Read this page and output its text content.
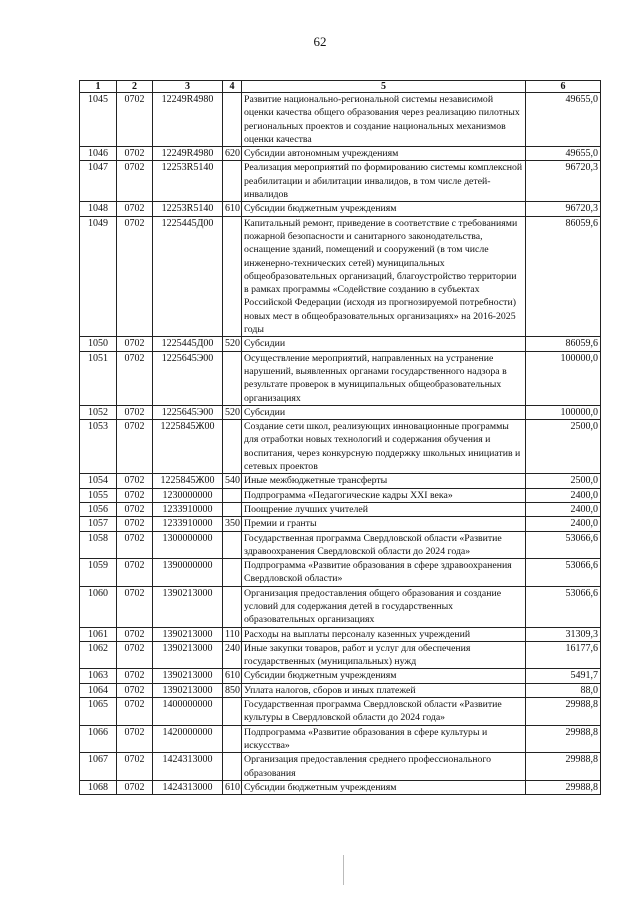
62
1	2	3	4	5	6
1045	0702	12249R4980		Развитие национально-региональной системы независимой оценки качества общего образования через реализацию пилотных региональных проектов и создание национальных механизмов оценки качества	49655,0
1046	0702	12249R4980	620	Субсидии автономным учреждениям	49655,0
1047	0702	12253R5140		Реализация мероприятий по формированию системы комплексной реабилитации и абилитации инвалидов, в том числе детей-инвалидов	96720,3
1048	0702	12253R5140	610	Субсидии бюджетным учреждениям	96720,3
1049	0702	1225445Д00		Капитальный ремонт, приведение в соответствие с требованиями пожарной безопасности и санитарного законодательства, оснащение зданий, помещений и сооружений (в том числе инженерно-технических сетей) муниципальных общеобразовательных организаций, благоустройство территории в рамках программы «Содействие созданию в субъектах Российской Федерации (исходя из прогнозируемой потребности) новых мест в общеобразовательных организациях» на 2016-2025 годы	86059,6
1050	0702	1225445Д00	520	Субсидии	86059,6
1051	0702	1225645Э00		Осуществление мероприятий, направленных на устранение нарушений, выявленных органами государственного надзора в результате проверок в муниципальных общеобразовательных организациях	100000,0
1052	0702	1225645Э00	520	Субсидии	100000,0
1053	0702	1225845Ж00		Создание сети школ, реализующих инновационные программы для отработки новых технологий и содержания обучения и воспитания, через конкурсную поддержку школьных инициатив и сетевых проектов	2500,0
1054	0702	1225845Ж00	540	Иные межбюджетные трансферты	2500,0
1055	0702	1230000000		Подпрограмма «Педагогические кадры XXI века»	2400,0
1056	0702	1233910000		Поощрение лучших учителей	2400,0
1057	0702	1233910000	350	Премии и гранты	2400,0
1058	0702	1300000000		Государственная программа Свердловской области «Развитие здравоохранения Свердловской области до 2024 года»	53066,6
1059	0702	1390000000		Подпрограмма «Развитие образования в сфере здравоохранения Свердловской области»	53066,6
1060	0702	1390213000		Организация предоставления общего образования и создание условий для содержания детей в государственных образовательных организациях	53066,6
1061	0702	1390213000	110	Расходы на выплаты персоналу казенных учреждений	31309,3
1062	0702	1390213000	240	Иные закупки товаров, работ и услуг для обеспечения государственных (муниципальных) нужд	16177,6
1063	0702	1390213000	610	Субсидии бюджетным учреждениям	5491,7
1064	0702	1390213000	850	Уплата налогов, сборов и иных платежей	88,0
1065	0702	1400000000		Государственная программа Свердловской области «Развитие культуры в Свердловской области до 2024 года»	29988,8
1066	0702	1420000000		Подпрограмма «Развитие образования в сфере культуры и искусства»	29988,8
1067	0702	1424313000		Организация предоставления среднего профессионального образования	29988,8
1068	0702	1424313000	610	Субсидии бюджетным учреждениям	29988,8
